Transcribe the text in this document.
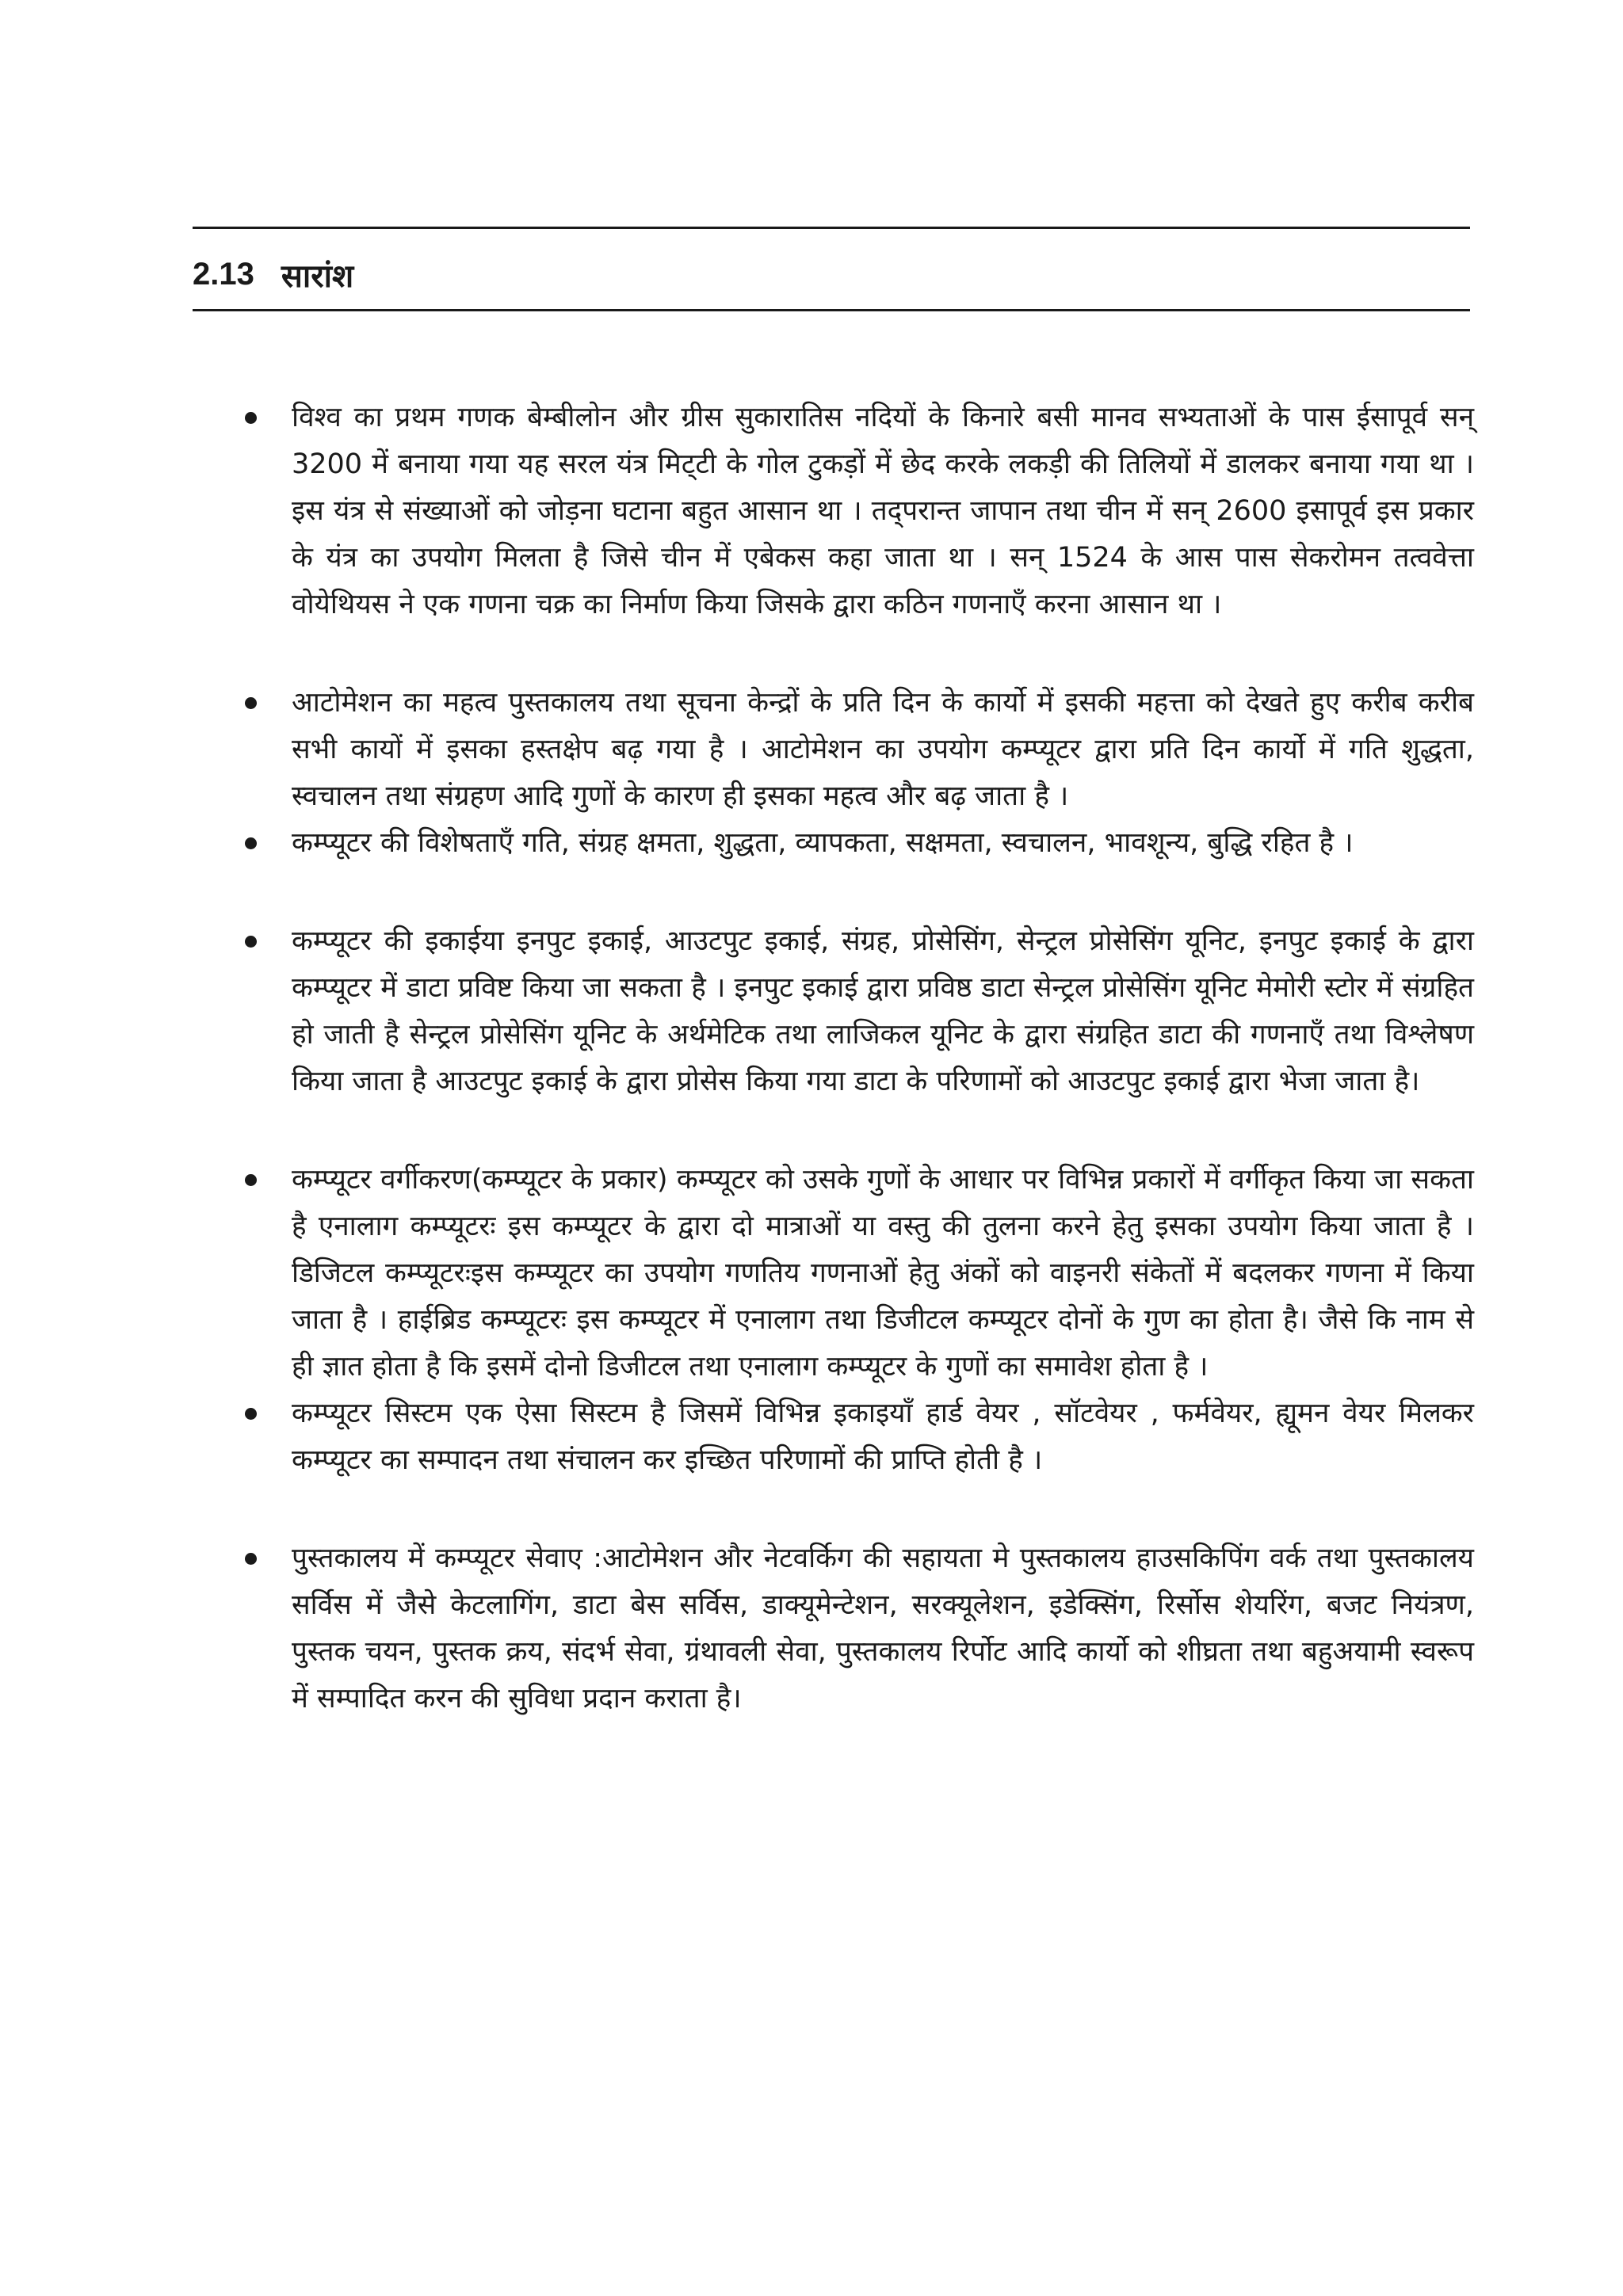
2.13 सारांश
विश्व का प्रथम गणक बेम्बीलोन और ग्रीस सुकारातिस नदियों के किनारे बसी मानव सभ्यताओं के पास ईसापूर्व सन् 3200 में बनाया गया यह सरल यंत्र मिट्‌टी के गोल टुकड़ों में छेद करके लकड़ी की तिलियों में डालकर बनाया गया था । इस यंत्र से संख्याओं को जोड़ना घटाना बहुत आसान था । तद्‌परान्त जापान तथा चीन में सन् 2600 इसापूर्व इस प्रकार के यंत्र का उपयोग मिलता है जिसे चीन में एबेकस कहा जाता था । सन् 1524 के आस पास सेकरोमन तत्ववेत्ता वोयेथियस ने एक गणना चक्र का निर्माण किया जिसके द्वारा कठिन गणनाएँ करना आसान था ।
आटोमेशन का महत्व पुस्तकालय तथा सूचना केन्द्रों के प्रति दिन के कार्यो में इसकी महत्ता को देखते हुए करीब करीब सभी कायों में इसका हस्तक्षेप बढ़ गया है । आटोमेशन का उपयोग कम्प्यूटर द्वारा प्रति दिन कार्यो में गति शुद्धता, स्वचालन तथा संग्रहण आदि गुणों के कारण ही इसका महत्व और बढ़ जाता है ।
कम्प्यूटर की विशेषताएँ गति, संग्रह क्षमता, शुद्धता, व्यापकता, सक्षमता, स्वचालन, भावशून्य, बुद्धि रहित है ।
कम्प्यूटर की इकाईया इनपुट इकाई, आउटपुट इकाई, संग्रह, प्रोसेसिंग, सेन्ट्रल प्रोसेसिंग यूनिट, इनपुट इकाई के द्वारा कम्प्यूटर में डाटा प्रविष्ट किया जा सकता है । इनपुट इकाई द्वारा प्रविष्ठ डाटा सेन्ट्रल प्रोसेसिंग यूनिट मेमोरी स्टोर में संग्रहित हो जाती है सेन्ट्रल प्रोसेसिंग यूनिट के अर्थमेटिक तथा लाजिकल यूनिट के द्वारा संग्रहित डाटा की गणनाएँ तथा विश्लेषण किया जाता है आउटपुट इकाई के द्वारा प्रोसेस किया गया डाटा के परिणामों को आउटपुट इकाई द्वारा भेजा जाता है।
कम्प्यूटर वर्गीकरण(कम्प्यूटर के प्रकार) कम्प्यूटर को उसके गुणों के आधार पर विभिन्न प्रकारों में वर्गीकृत किया जा सकता है एनालाग कम्प्यूटरः इस कम्प्यूटर के द्वारा दो मात्राओं या वस्तु की तुलना करने हेतु इसका उपयोग किया जाता है । डिजिटल कम्प्यूटरःइस कम्प्यूटर का उपयोग गणतिय गणनाओं हेतु अंकों को वाइनरी संकेतों में बदलकर गणना में किया जाता है । हाईब्रिड कम्प्यूटरः इस कम्प्यूटर में एनालाग तथा डिजीटल कम्प्यूटर दोनों के गुण का होता है। जैसे कि नाम से ही ज्ञात होता है कि इसमें दोनो डिजीटल तथा एनालाग कम्प्यूटर के गुणों का समावेश होता है ।
कम्प्यूटर सिस्टम एक ऐसा सिस्टम है जिसमें विभिन्न इकाइयाँ हार्ड वेयर , सॉटवेयर , फर्मवेयर, ह्यूमन वेयर मिलकर कम्प्यूटर का सम्पादन तथा संचालन कर इच्छित परिणामों की प्राप्ति होती है ।
पुस्तकालय में कम्प्यूटर सेवाए :आटोमेशन और नेटवर्किग की सहायता मे पुस्तकालय हाउसकिपिंग वर्क तथा पुस्तकालय सर्विस में जैसे केटलागिंग, डाटा बेस सर्विस, डाक्यूमेन्टेशन, सरक्यूलेशन, इडेक्सिंग, रिर्सोस शेयरिंग, बजट नियंत्रण, पुस्तक चयन, पुस्तक क्रय, संदर्भ सेवा, ग्रंथावली सेवा, पुस्तकालय रिर्पोट आदि कार्यो को शीघ्रता तथा बहुअयामी स्वरूप में सम्पादित करन की सुविधा प्रदान कराता है।
